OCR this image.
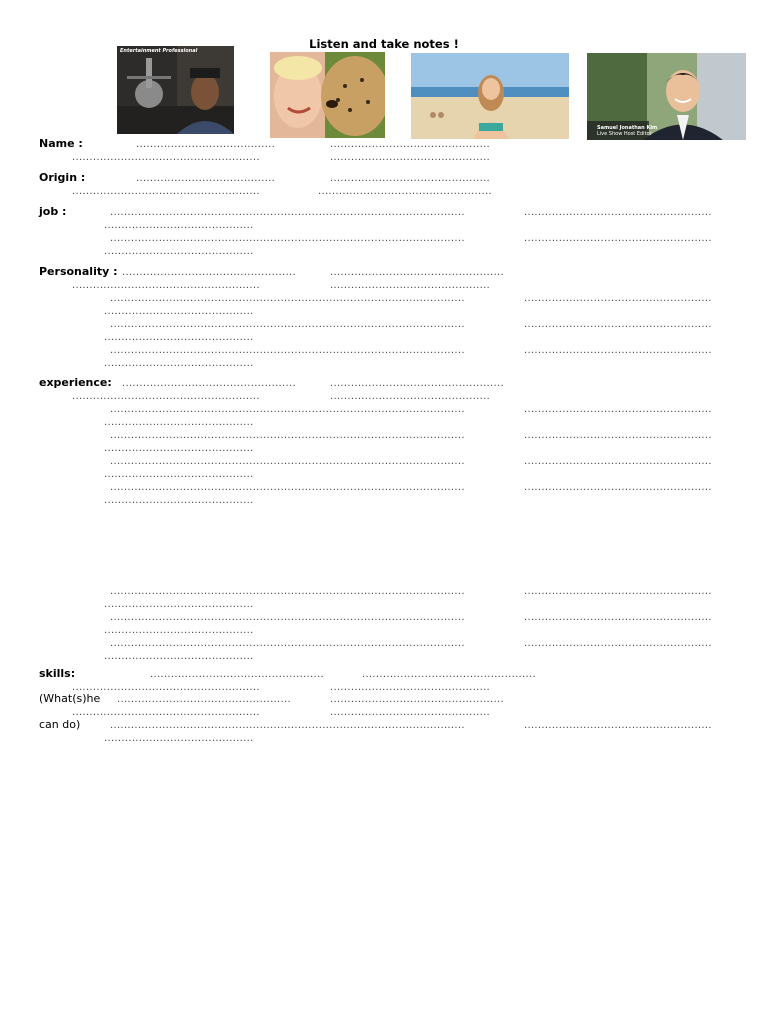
Listen and take notes !
Entertainment Professional
Samuel Jonathan Kim
Live Show Host Editor
Name :	........................................	..............................................
......................................................	..............................................
Origin :	........................................	..............................................
......................................................	..................................................
job :	......................................................................................................	......................................................
...........................................
......................................................................................................	......................................................
...........................................
Personality : ..................................................	..................................................
......................................................	..............................................
......................................................................................................	......................................................
...........................................
......................................................................................................	......................................................
...........................................
......................................................................................................	......................................................
...........................................
experience: ..................................................	..................................................
......................................................	..............................................
......................................................................................................	......................................................
...........................................
......................................................................................................	......................................................
...........................................
......................................................................................................	......................................................
...........................................
......................................................................................................	......................................................
...........................................
......................................................................................................	......................................................
...........................................
......................................................................................................	......................................................
...........................................
......................................................................................................	......................................................
...........................................
skills:	..................................................	..................................................
......................................................	..............................................
(What(s)he ..................................................	..................................................
......................................................	..............................................
can do)	......................................................................................................	......................................................
...........................................
